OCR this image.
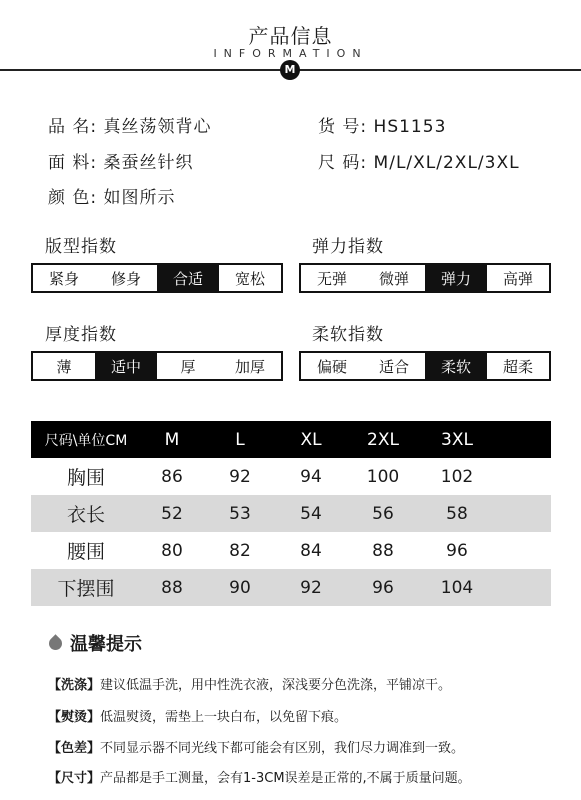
产品信息
INFORMATION
M
品 名: 真丝荡领背心	货 号: HS1153
面 料: 桑蚕丝针织	尺 码: M/L/XL/2XL/3XL
颜 色: 如图所示
版型指数
紧身	修身	合适	宽松
弹力指数
无弹	微弹	弹力	高弹
厚度指数
薄	适中	厚	加厚
柔软指数
偏硬	适合	柔软	超柔
尺码\单位CM	M	L	XL	2XL	3XL
胸围	86	92	94	100	102
衣长	52	53	54	56	58
腰围	80	82	84	88	96
下摆围	88	90	92	96	104
温馨提示
【洗涤】建议低温手洗，用中性洗衣液，深浅要分色洗涤，平铺凉干。
【熨烫】低温熨烫，需垫上一块白布，以免留下痕。
【色差】不同显示器不同光线下都可能会有区别，我们尽力调准到一致。
【尺寸】产品都是手工测量，会有1-3CM误差是正常的,不属于质量问题。
